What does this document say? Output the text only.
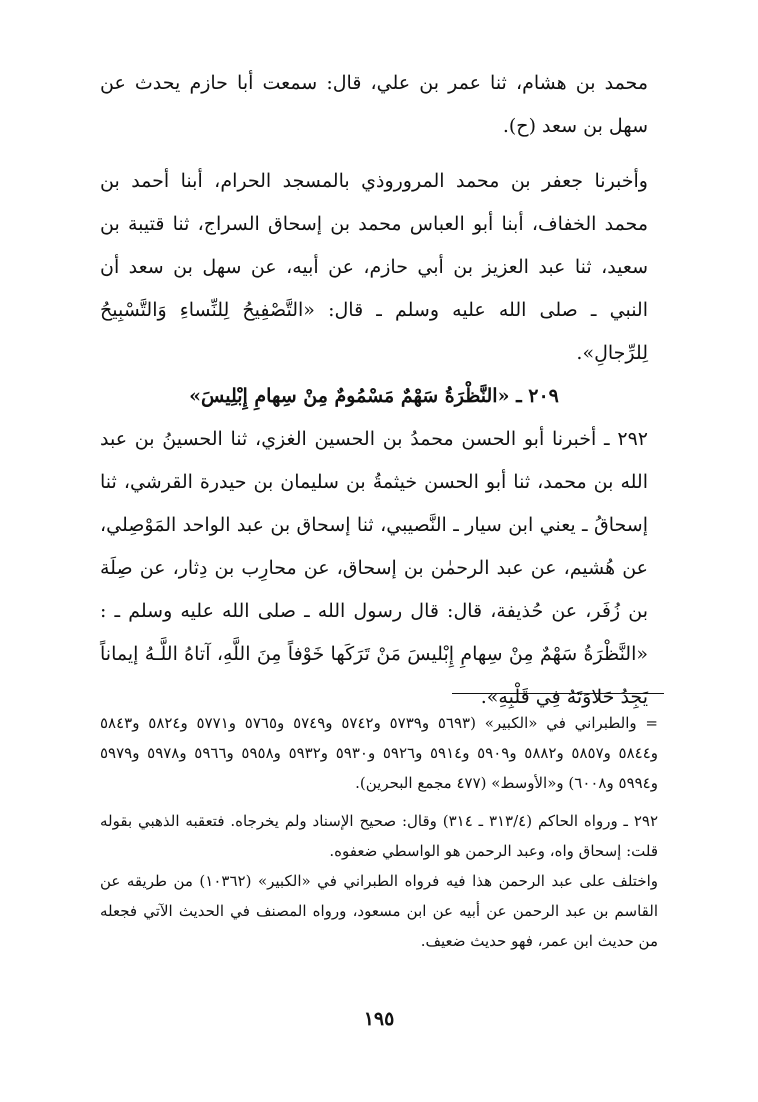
محمد بن هشام، ثنا عمر بن علي، قال: سمعت أبا حازم يحدث عن سهل بن سعد (ح).

وأخبرنا جعفر بن محمد المروروذي بالمسجد الحرام، أبنا أحمد بن محمد الخفاف، أبنا أبو العباس محمد بن إسحاق السراج، ثنا قتيبة بن سعيد، ثنا عبد العزيز بن أبي حازم، عن أبيه، عن سهل بن سعد أن النبي ـ صلى الله عليه وسلم ـ قال: «التَّصْفِيحُ لِلنِّساءِ وَالتَّسْبِيحُ لِلرِّجالِ».

٢٠٩ ـ «النَّظْرَةُ سَهْمٌ مَسْمُومٌ مِنْ سِهامِ إِبْلِيسَ»

٢٩٢ ـ أخبرنا أبو الحسن محمدُ بن الحسين الغزي، ثنا الحسينُ بن عبد الله بن محمد، ثنا أبو الحسن خيثمةُ بن سليمان بن حيدرة القرشي، ثنا إسحاقُ ـ يعني ابن سيار ـ النَّصيبي، ثنا إسحاق بن عبد الواحد المَوْصِلي، عن هُشيم، عن عبد الرحمٰن بن إسحاق، عن محارِب بن دِثار، عن صِلَة بن زُفَر، عن حُذيفة، قال: قال رسول الله ـ صلى الله عليه وسلم ـ : «النَّظْرَةُ سَهْمٌ مِنْ سِهامِ إِبْليسَ مَنْ تَرَكَها خَوْفاً مِنَ اللَّهِ، آتاهُ اللَّـهُ إيماناً يَجِدُ حَلاوَتَهُ فِي قَلْبِهِ».

= والطبراني في «الكبير» (٥٦٩٣ و٥٧٣٩ و٥٧٤٢ و٥٧٤٩ و٥٧٦٥ و٥٧٧١ و٥٨٢٤ و٥٨٤٣ و٥٨٤٤ و٥٨٥٧ و٥٨٨٢ و٥٩٠٩ و٥٩١٤ و٥٩٢٦ و٥٩٣٠ و٥٩٣٢ و٥٩٥٨ و٥٩٦٦ و٥٩٧٨ و٥٩٧٩ و٥٩٩٤ و٦٠٠٨) و«الأوسط» (٤٧٧ مجمع البحرين).

٢٩٢ ـ ورواه الحاكم (٣١٣/٤ ـ ٣١٤) وقال: صحيح الإسناد ولم يخرجاه. فتعقبه الذهبي بقوله قلت: إسحاق واه، وعبد الرحمن هو الواسطي ضعفوه.

واختلف على عبد الرحمن هذا فيه فرواه الطبراني في «الكبير» (١٠٣٦٢) من طريقه عن القاسم بن عبد الرحمن عن أبيه عن ابن مسعود، ورواه المصنف في الحديث الآتي فجعله من حديث ابن عمر، فهو حديث ضعيف.

١٩٥
